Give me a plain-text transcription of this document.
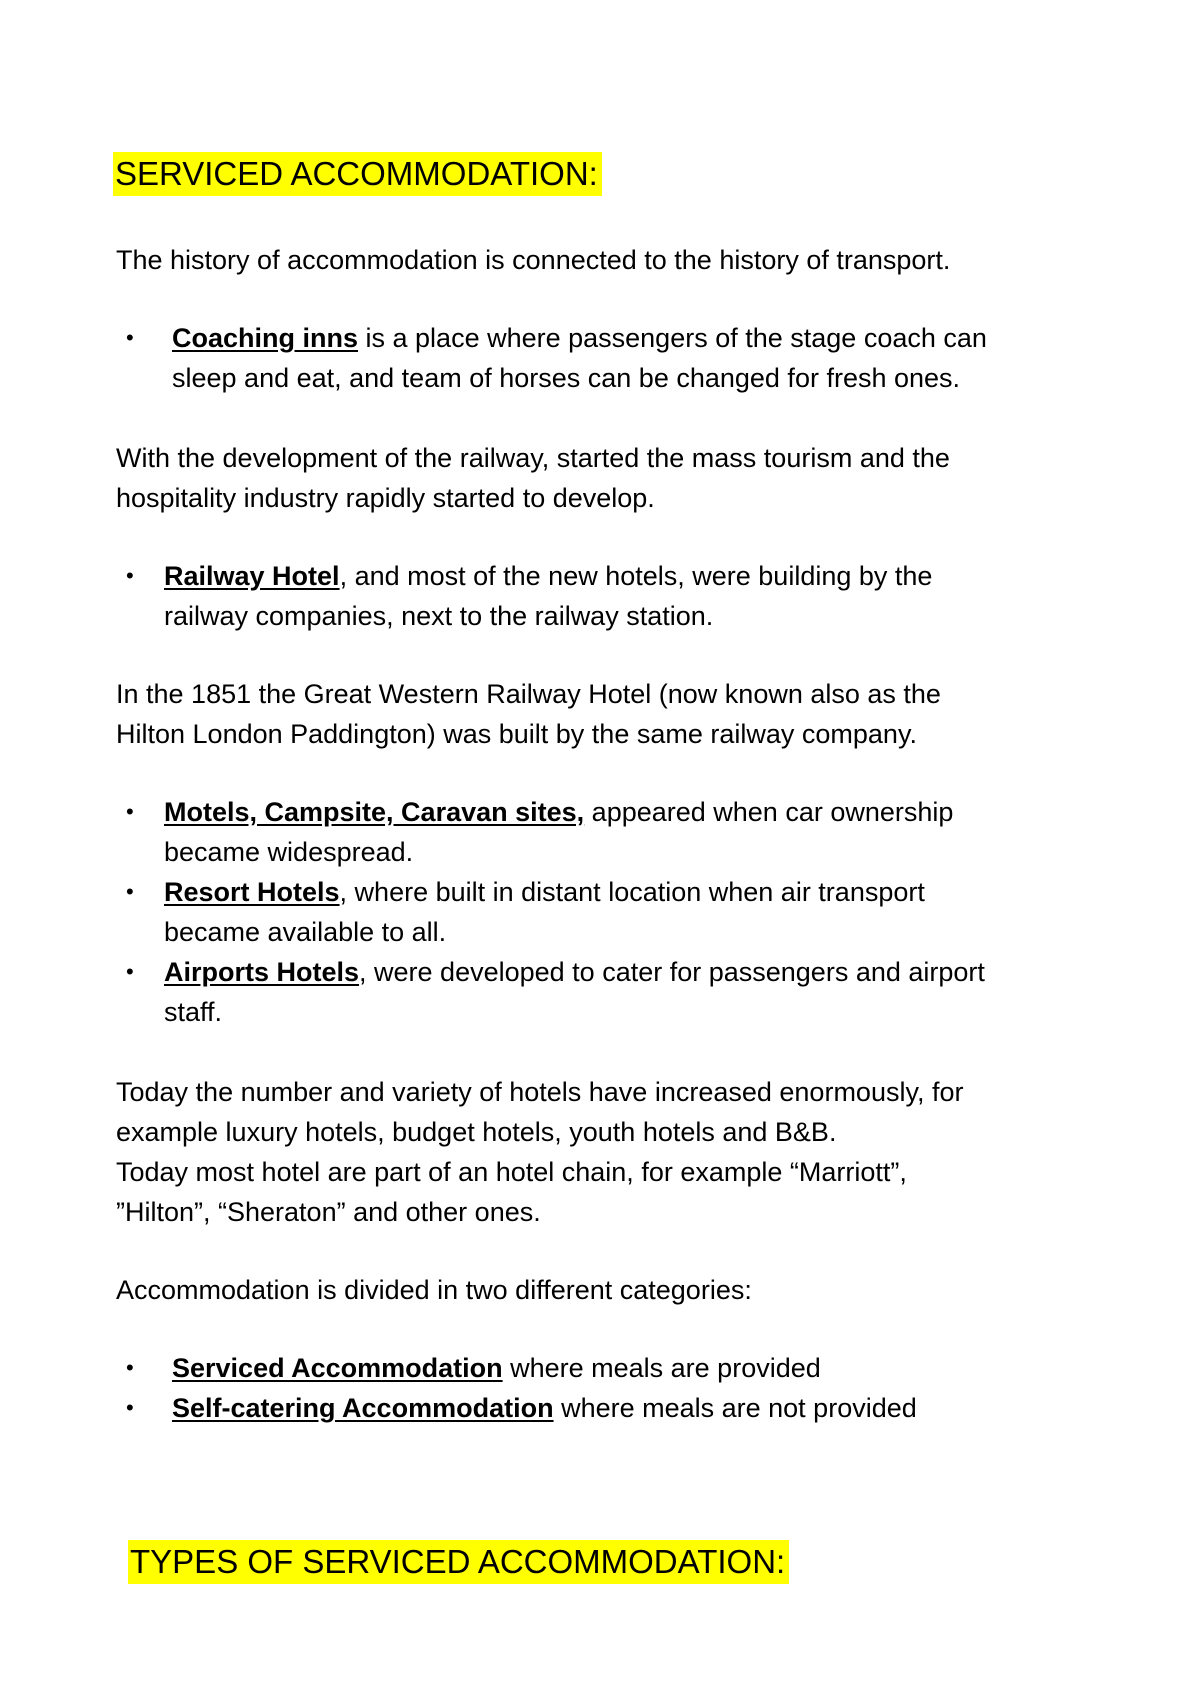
SERVICED ACCOMMODATION:

The history of accommodation is connected to the history of transport.

• Coaching inns is a place where passengers of the stage coach can
sleep and eat, and team of horses can be changed for fresh ones.
With the development of the railway, started the mass tourism and the
hospitality industry rapidly started to develop.
• Railway Hotel, and most of the new hotels, were building by the
railway companies, next to the railway station.
In the 1851 the Great Western Railway Hotel (now known also as the
Hilton London Paddington) was built by the same railway company.
• Motels, Campsite, Caravan sites, appeared when car ownership
became widespread.
• Resort Hotels, where built in distant location when air transport
became available to all.
• Airports Hotels, were developed to cater for passengers and airport
staff.
Today the number and variety of hotels have increased enormously, for
example luxury hotels, budget hotels, youth hotels and B&B.
Today most hotel are part of an hotel chain, for example “Marriott”,
”Hilton”, “Sheraton” and other ones.

Accommodation is divided in two different categories:

• Serviced Accommodation where meals are provided
• Self-catering Accommodation where meals are not provided
TYPES OF SERVICED ACCOMMODATION:
